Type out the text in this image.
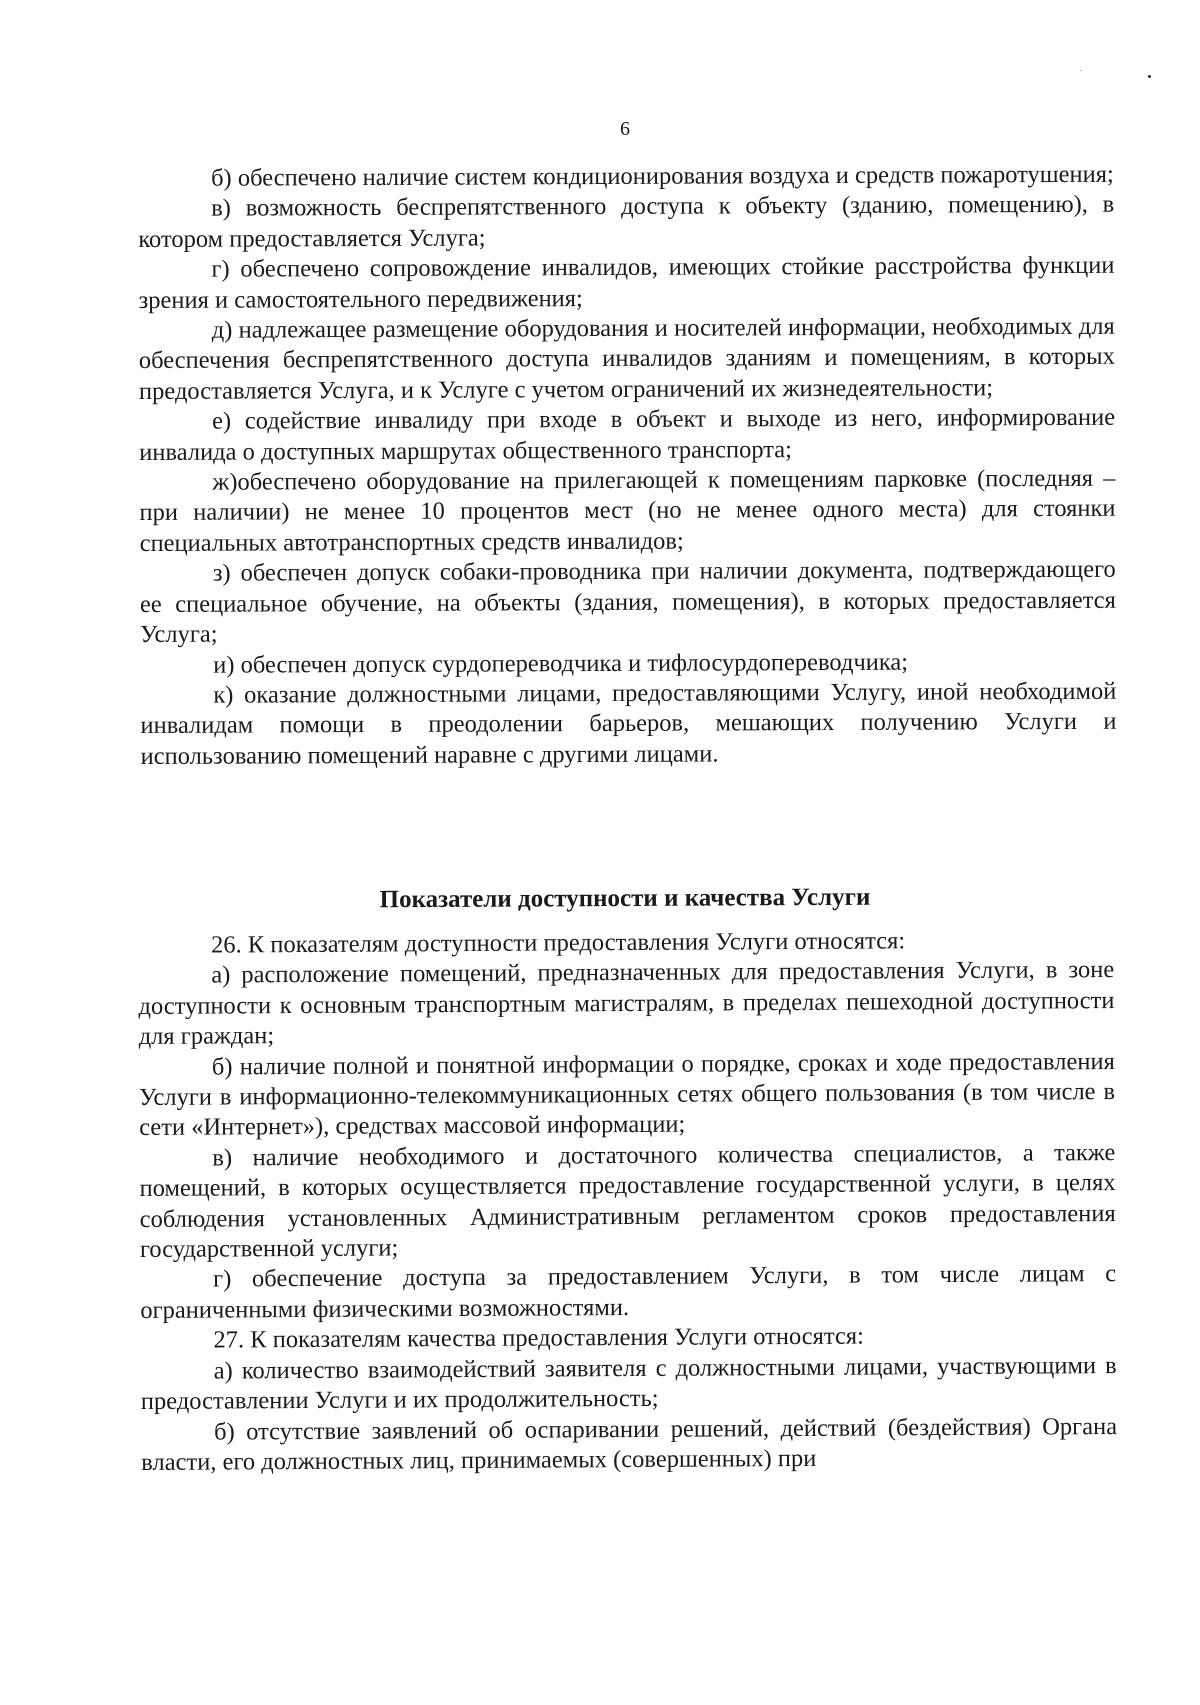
6

б) обеспечено наличие систем кондиционирования воздуха и средств пожаротушения;

в) возможность беспрепятственного доступа к объекту (зданию, помещению), в котором предоставляется Услуга;

г) обеспечено сопровождение инвалидов, имеющих стойкие расстройства функции зрения и самостоятельного передвижения;

д) надлежащее размещение оборудования и носителей информации, необходимых для обеспечения беспрепятственного доступа инвалидов зданиям и помещениям, в которых предоставляется Услуга, и к Услуге с учетом ограничений их жизнедеятельности;

е) содействие инвалиду при входе в объект и выходе из него, информирование инвалида о доступных маршрутах общественного транспорта;

ж)обеспечено оборудование на прилегающей к помещениям парковке (последняя – при наличии) не менее 10 процентов мест (но не менее одного места) для стоянки специальных автотранспортных средств инвалидов;

з) обеспечен допуск собаки-проводника при наличии документа, подтверждающего ее специальное обучение, на объекты (здания, помещения), в которых предоставляется Услуга;

и) обеспечен допуск сурдопереводчика и тифлосурдопереводчика;

к) оказание должностными лицами, предоставляющими Услугу, иной необходимой инвалидам помощи в преодолении барьеров, мешающих получению Услуги и использованию помещений наравне с другими лицами.

Показатели доступности и качества Услуги

26. К показателям доступности предоставления Услуги относятся:

а) расположение помещений, предназначенных для предоставления Услуги, в зоне доступности к основным транспортным магистралям, в пределах пешеходной доступности для граждан;

б) наличие полной и понятной информации о порядке, сроках и ходе предоставления Услуги в информационно-телекоммуникационных сетях общего пользования (в том числе в сети «Интернет»), средствах массовой информации;

в) наличие необходимого и достаточного количества специалистов, а также помещений, в которых осуществляется предоставление государственной услуги, в целях соблюдения установленных Административным регламентом сроков предоставления государственной услуги;

г) обеспечение доступа за предоставлением Услуги, в том числе лицам с ограниченными физическими возможностями.

27. К показателям качества предоставления Услуги относятся:

а) количество взаимодействий заявителя с должностными лицами, участвующими в предоставлении Услуги и их продолжительность;

б) отсутствие заявлений об оспаривании решений, действий (бездействия) Органа власти, его должностных лиц, принимаемых (совершенных) при
